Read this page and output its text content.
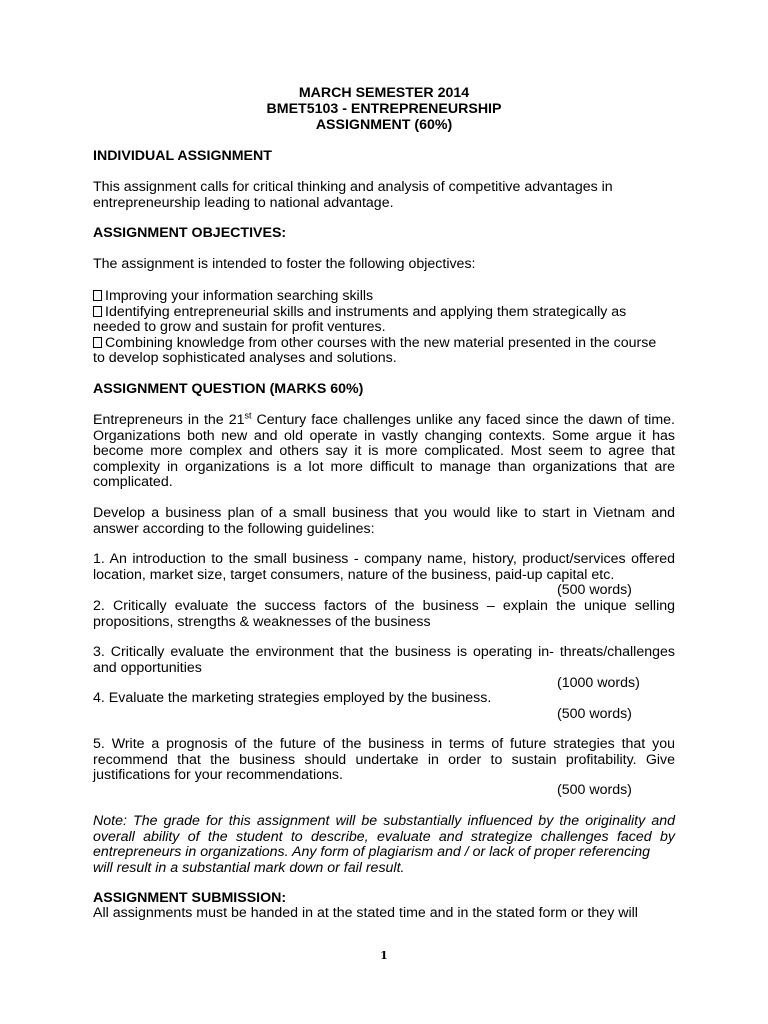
MARCH SEMESTER 2014
BMET5103 - ENTREPRENEURSHIP
ASSIGNMENT (60%)
INDIVIDUAL ASSIGNMENT
This assignment calls for critical thinking and analysis of competitive advantages in
entrepreneurship leading to national advantage.
ASSIGNMENT OBJECTIVES:
The assignment is intended to foster the following objectives:
Improving your information searching skills
Identifying entrepreneurial skills and instruments and applying them strategically as
needed to grow and sustain for profit ventures.
Combining knowledge from other courses with the new material presented in the course
to develop sophisticated analyses and solutions.
ASSIGNMENT QUESTION (MARKS 60%)
Entrepreneurs in the 21st Century face challenges unlike any faced since the dawn of time.
Organizations both new and old operate in vastly changing contexts. Some argue it has
become more complex and others say it is more complicated. Most seem to agree that
complexity in organizations is a lot more difficult to manage than organizations that are
complicated.
Develop a business plan of a small business that you would like to start in Vietnam and
answer according to the following guidelines:
1. An introduction to the small business - company name, history, product/services offered
location, market size, target consumers, nature of the business, paid-up capital etc.
(500 words)
2. Critically evaluate the success factors of the business – explain the unique selling
propositions, strengths & weaknesses of the business
3. Critically evaluate the environment that the business is operating in- threats/challenges
and opportunities
(1000 words)
4. Evaluate the marketing strategies employed by the business.
(500 words)
5. Write a prognosis of the future of the business in terms of future strategies that you
recommend that the business should undertake in order to sustain profitability. Give
justifications for your recommendations.
(500 words)
Note: The grade for this assignment will be substantially influenced by the originality and
overall ability of the student to describe, evaluate and strategize challenges faced by
entrepreneurs in organizations. Any form of plagiarism and / or lack of proper referencing
will result in a substantial mark down or fail result.
ASSIGNMENT SUBMISSION:
All assignments must be handed in at the stated time and in the stated form or they will
1
